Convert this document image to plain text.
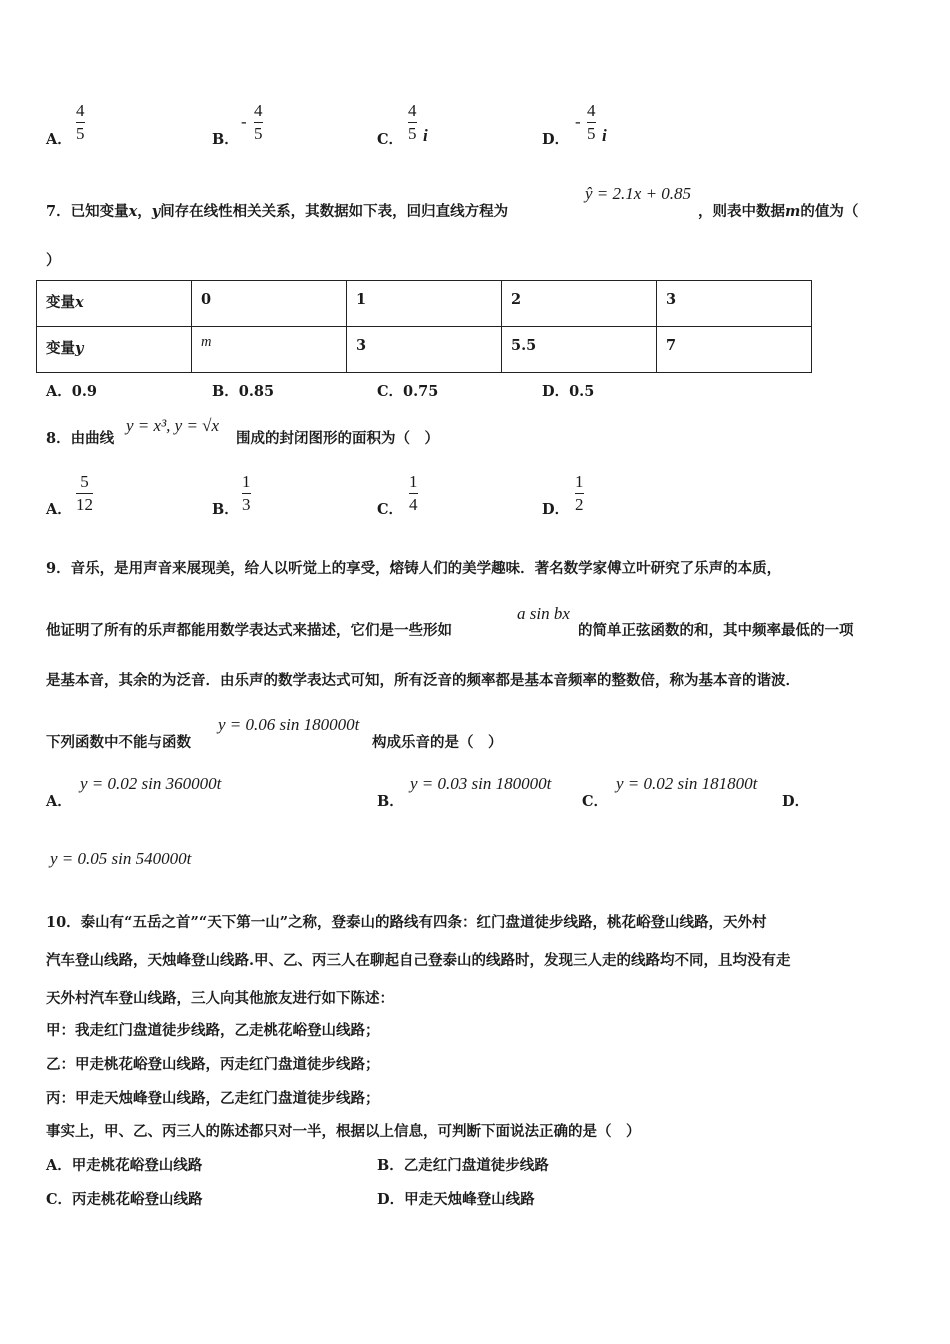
A．
4
5	B．
-
4
5	C．
4
5 i	D．
-
4
5 i
7．已知变量x，y间存在线性相关关系，其数据如下表，回归直线方程为
ŷ = 2.1x + 0.85
，则表中数据m的值为（
）
变量x	0	1	2	3
变量y	m	3	5.5	7
A．0.9	B．0.85	C．0.75	D．0.5
8．由曲线
y = x³, y = √x
围成的封闭图形的面积为（　）
A．
5
12	B．
1
3	C．
1
4	D．
1
2
9．音乐，是用声音来展现美，给人以听觉上的享受，熔铸人们的美学趣味．著名数学家傅立叶研究了乐声的本质，
他证明了所有的乐声都能用数学表达式来描述，它们是一些形如
a sin bx
的简单正弦函数的和，其中频率最低的一项
是基本音，其余的为泛音．由乐声的数学表达式可知，所有泛音的频率都是基本音频率的整数倍，称为基本音的谐波．
下列函数中不能与函数
y = 0.06 sin 180000t
构成乐音的是（　）
A．
y = 0.02 sin 360000t
B．
y = 0.03 sin 180000t
C．
y = 0.02 sin 181800t
D．
y = 0.05 sin 540000t
10．泰山有“五岳之首”“天下第一山”之称，登泰山的路线有四条：红门盘道徒步线路，桃花峪登山线路，天外村
汽车登山线路，天烛峰登山线路.甲、乙、丙三人在聊起自己登泰山的线路时，发现三人走的线路均不同，且均没有走
天外村汽车登山线路，三人向其他旅友进行如下陈述：
甲：我走红门盘道徒步线路，乙走桃花峪登山线路；
乙：甲走桃花峪登山线路，丙走红门盘道徒步线路；
丙：甲走天烛峰登山线路，乙走红门盘道徒步线路；
事实上，甲、乙、丙三人的陈述都只对一半，根据以上信息，可判断下面说法正确的是（　）
A．甲走桃花峪登山线路	B．乙走红门盘道徒步线路
C．丙走桃花峪登山线路	D．甲走天烛峰登山线路
